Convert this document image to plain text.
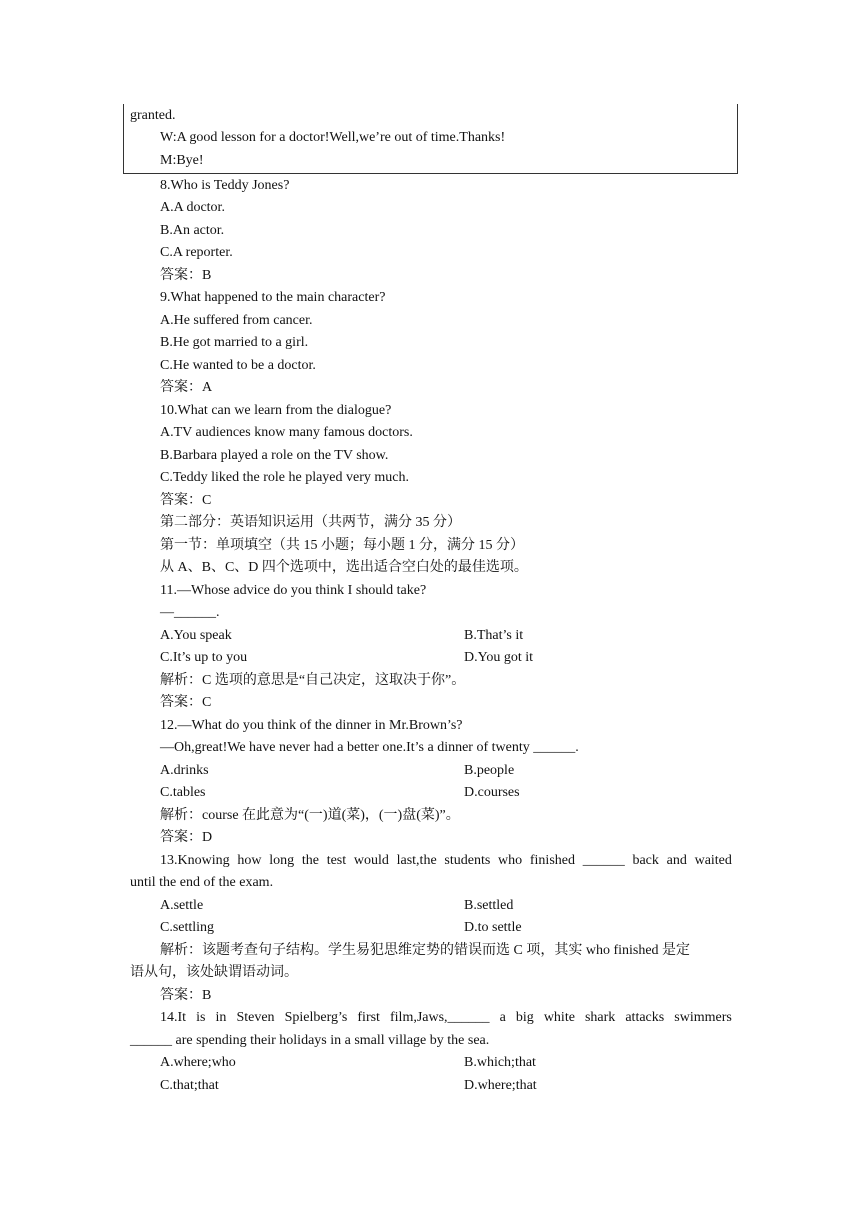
granted.
W:A good lesson for a doctor!Well,we’re out of time.Thanks!
M:Bye!
8.Who is Teddy Jones?
A.A doctor.
B.An actor.
C.A reporter.
答案：B
9.What happened to the main character?
A.He suffered from cancer.
B.He got married to a girl.
C.He wanted to be a doctor.
答案：A
10.What can we learn from the dialogue?
A.TV audiences know many famous doctors.
B.Barbara played a role on the TV show.
C.Teddy liked the role he played very much.
答案：C
第二部分：英语知识运用（共两节，满分 35 分）
第一节：单项填空（共 15 小题；每小题 1 分，满分 15 分）
从 A、B、C、D 四个选项中，选出适合空白处的最佳选项。
11.—Whose advice do you think I should take?
—______.
A.You speak	B.That’s it
C.It’s up to you	D.You got it
解析：C 选项的意思是“自己决定，这取决于你”。
答案：C
12.—What do you think of the dinner in Mr.Brown’s?
—Oh,great!We have never had a better one.It’s a dinner of twenty ______.
A.drinks	B.people
C.tables	D.courses
解析：course 在此意为“(一)道(菜)，(一)盘(菜)”。
答案：D
13.Knowing how long the test would last,the students who finished ______ back and waited
until the end of the exam.
A.settle	B.settled
C.settling	D.to settle
解析：该题考查句子结构。学生易犯思维定势的错误而选 C 项，其实 who finished 是定
语从句，该处缺谓语动词。
答案：B
14.It is in Steven Spielberg’s first film,Jaws,______ a big white shark attacks swimmers
______ are spending their holidays in a small village by the sea.
A.where;who	B.which;that
C.that;that	D.where;that
